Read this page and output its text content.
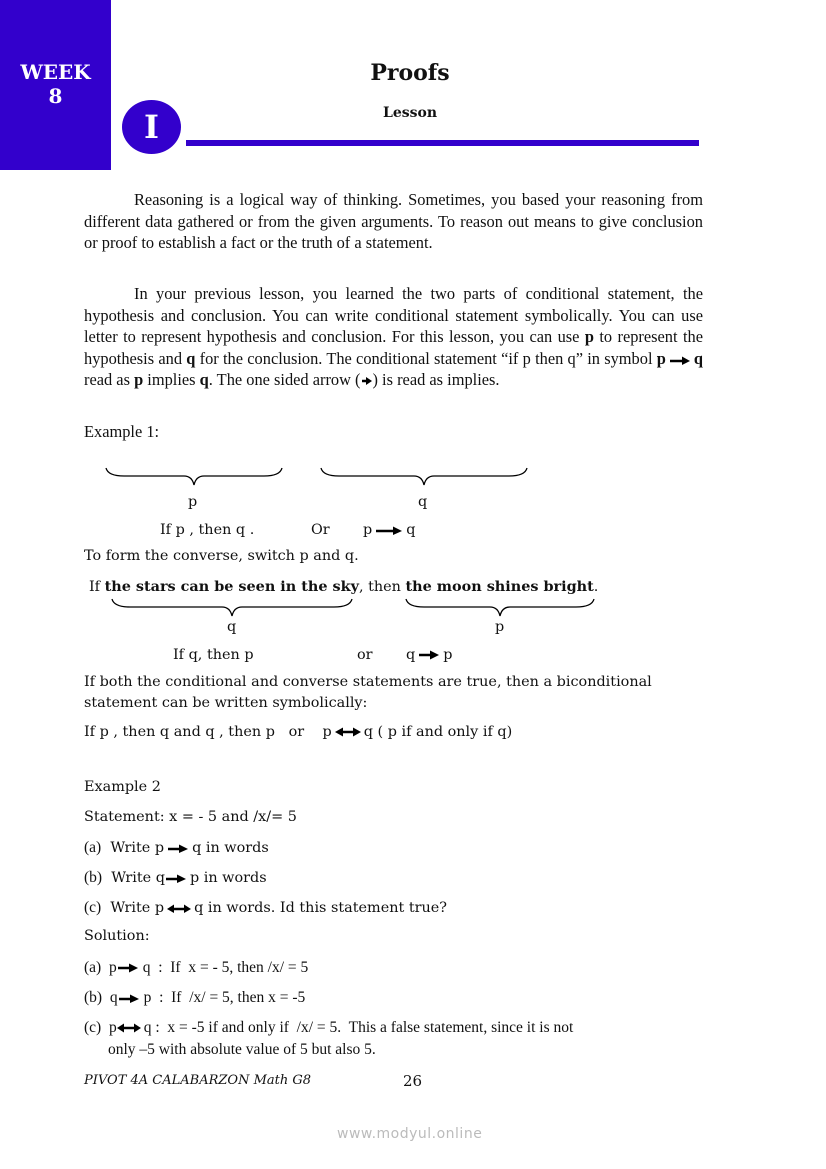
WEEK
8
I
Proofs
Lesson
Reasoning is a logical way of thinking. Sometimes, you based your reasoning from different data gathered or from the given arguments. To reason out means to give conclusion or proof to establish a fact or the truth of a statement.
In your previous lesson, you learned the two parts of conditional statement, the hypothesis and conclusion. You can write conditional statement symbolically. You can use letter to represent hypothesis and conclusion. For this lesson, you can use p to represent the hypothesis and q for the conclusion. The conditional statement “if p then q” in symbol p q read as p implies q. The one sided arrow ( ) is read as implies.
Example 1:
p	q
If p , then q .	Or p q
To form the converse, switch p and q.
If the stars can be seen in the sky, then the moon shines bright.
q	p
If q, then p	or q p
If both the conditional and converse statements are true, then a biconditional statement can be written symbolically:
If p , then q and q , then p   or p q ( p if and only if q)
Example 2
Statement: x = - 5 and /x/= 5
(a) Write p q in words
(b) Write q p in words
(c) Write p q in words. Id this statement true?
Solution:
(a) p q  :  If  x = - 5, then /x/ = 5
(b) q p  :  If  /x/ = 5, then x = -5
(c) p q :  x = -5 if and only if  /x/ = 5.  This a false statement, since it is not
only –5 with absolute value of 5 but also 5.
PIVOT 4A CALABARZON Math G8	26
www.modyul.online
